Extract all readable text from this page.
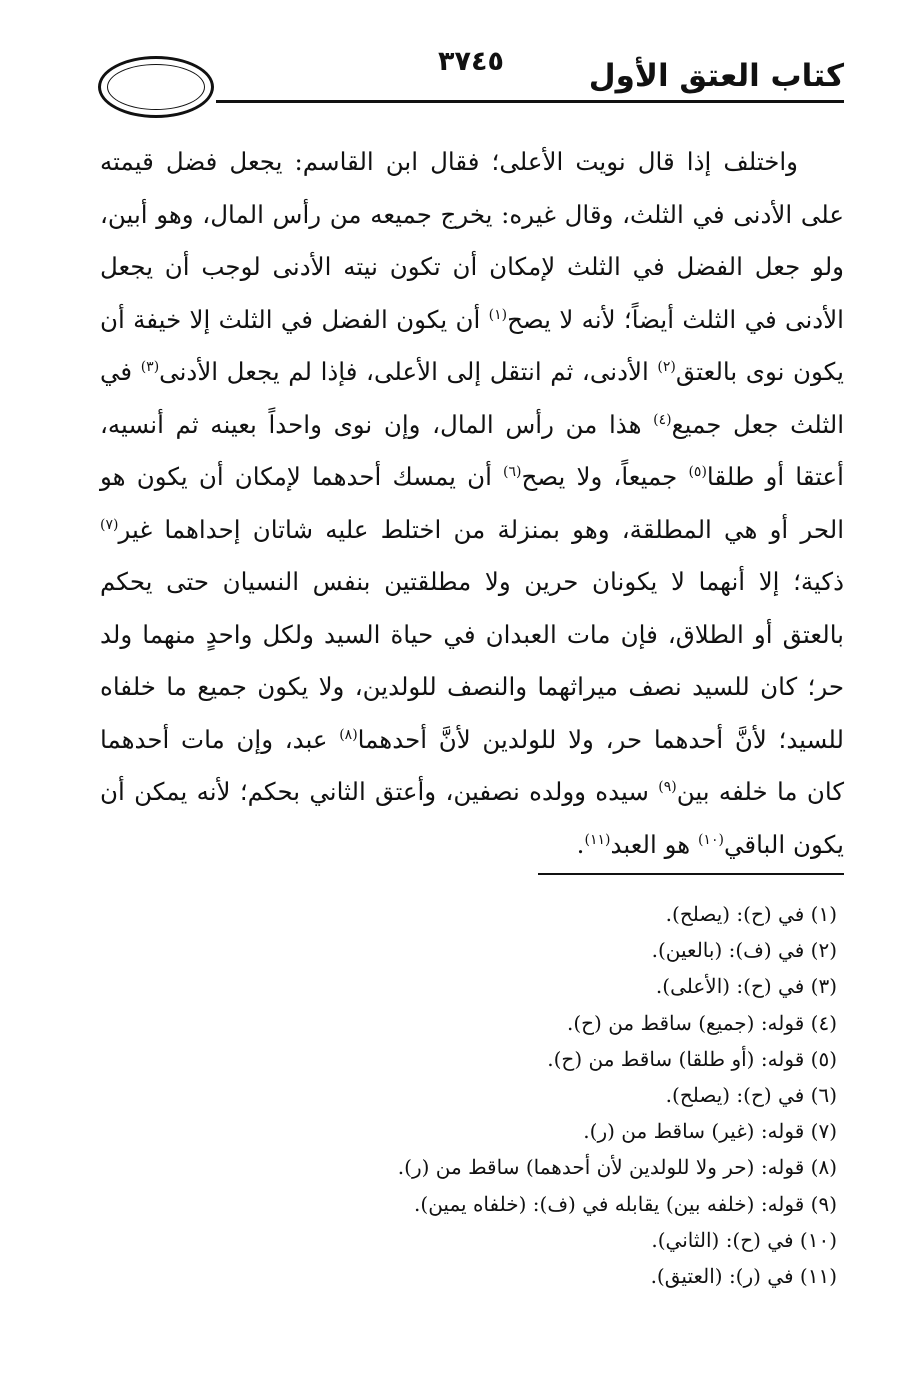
٣٧٤٥	كتاب العتق الأول

واختلف إذا قال نويت الأعلى؛ فقال ابن القاسم: يجعل فضل قيمته على الأدنى في الثلث، وقال غيره: يخرج جميعه من رأس المال، وهو أبين، ولو جعل الفضل في الثلث لإمكان أن تكون نيته الأدنى لوجب أن يجعل الأدنى في الثلث أيضاً؛ لأنه لا يصح$^{(١)}$ أن يكون الفضل في الثلث إلا خيفة أن يكون نوى بالعتق$^{(٢)}$ الأدنى، ثم انتقل إلى الأعلى، فإذا لم يجعل الأدنى$^{(٣)}$ في الثلث جعل جميع$^{(٤)}$ هذا من رأس المال، وإن نوى واحداً بعينه ثم أنسيه، أعتقا أو طلقا$^{(٥)}$ جميعاً، ولا يصح$^{(٦)}$ أن يمسك أحدهما لإمكان أن يكون هو الحر أو هي المطلقة، وهو بمنزلة من اختلط عليه شاتان إحداهما غير$^{(٧)}$ ذكية؛ إلا أنهما لا يكونان حرين ولا مطلقتين بنفس النسيان حتى يحكم بالعتق أو الطلاق، فإن مات العبدان في حياة السيد ولكل واحدٍ منهما ولد حر؛ كان للسيد نصف ميراثهما والنصف للولدين، ولا يكون جميع ما خلفاه للسيد؛ لأنَّ أحدهما حر، ولا للولدين لأنَّ أحدهما$^{(٨)}$ عبد، وإن مات أحدهما كان ما خلفه بين$^{(٩)}$ سيده وولده نصفين، وأعتق الثاني بحكم؛ لأنه يمكن أن يكون الباقي$^{(١٠)}$ هو العبد$^{(١١)}$.

(١) في (ح): (يصلح).
(٢) في (ف): (بالعين).
(٣) في (ح): (الأعلى).
(٤) قوله: (جميع) ساقط من (ح).
(٥) قوله: (أو طلقا) ساقط من (ح).
(٦) في (ح): (يصلح).
(٧) قوله: (غير) ساقط من (ر).
(٨) قوله: (حر ولا للولدين لأن أحدهما) ساقط من (ر).
(٩) قوله: (خلفه بين) يقابله في (ف): (خلفاه يمين).
(١٠) في (ح): (الثاني).
(١١) في (ر): (العتيق).
